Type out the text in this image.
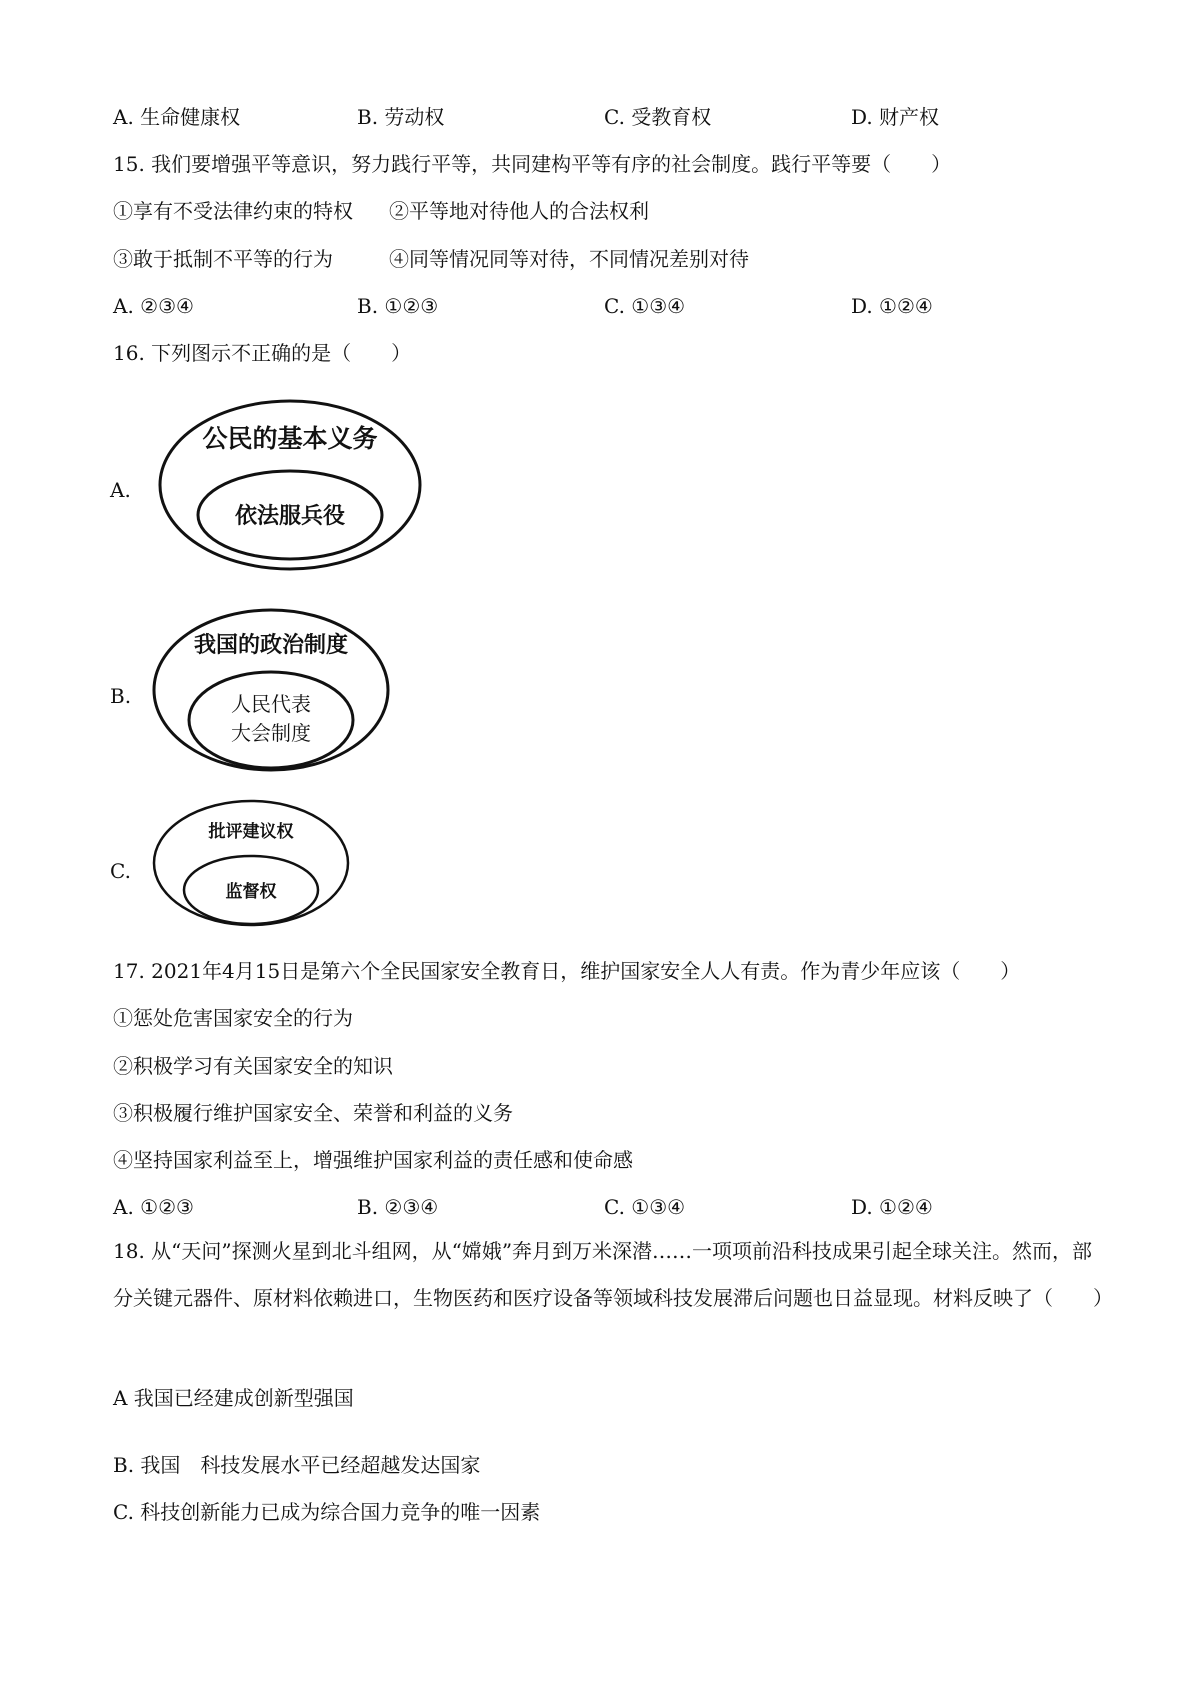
A. 生命健康权	B. 劳动权	C. 受教育权	D. 财产权
15. 我们要增强平等意识，努力践行平等，共同建构平等有序的社会制度。践行平等要（　　）
①享有不受法律约束的特权 ②平等地对待他人的合法权利
③敢于抵制不平等的行为	④同等情况同等对待，不同情况差别对待
A. ②③④	B. ①②③	C. ①③④	D. ①②④
16. 下列图示不正确的是（　　）
A.
公民的基本义务
依法服兵役
B.
我国的政治制度
人民代表
大会制度
C.
批评建议权
监督权
17. 2021年4月15日是第六个全民国家安全教育日，维护国家安全人人有责。作为青少年应该（　　）
①惩处危害国家安全的行为
②积极学习有关国家安全的知识
③积极履行维护国家安全、荣誉和利益的义务
④坚持国家利益至上，增强维护国家利益的责任感和使命感
A. ①②③	B. ②③④	C. ①③④	D. ①②④
18. 从“天问”探测火星到北斗组网，从“嫦娥”奔月到万米深潜……一项项前沿科技成果引起全球关注。然而，部分关键元器件、原材料依赖进口，生物医药和医疗设备等领域科技发展滞后问题也日益显现。材料反映了（　　）
A 我国已经建成创新型强国
B. 我国　科技发展水平已经超越发达国家
C. 科技创新能力已成为综合国力竞争的唯一因素
